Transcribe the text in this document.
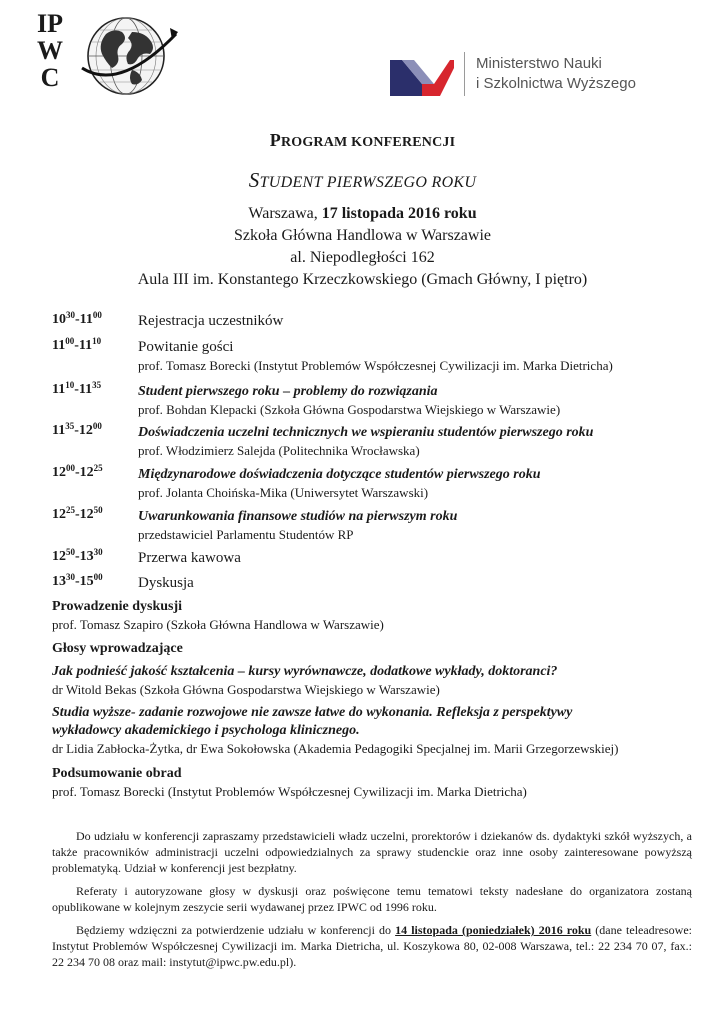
IP
W
C	Ministerstwo Nauki
i Szkolnictwa Wyższego
PROGRAM KONFERENCJI
STUDENT PIERWSZEGO ROKU
Warszawa, 17 listopada 2016 roku
Szkoła Główna Handlowa w Warszawie
al. Niepodległości 162
Aula III im. Konstantego Krzeczkowskiego (Gmach Główny, I piętro)
$10^{30}-11^{00}$ Rejestracja uczestników
$11^{00}-11^{10}$ Powitanie gości
prof. Tomasz Borecki (Instytut Problemów Współczesnej Cywilizacji im. Marka Dietricha)
$11^{10}-11^{35}$	Student pierwszego roku – problemy do rozwiązania
prof. Bohdan Klepacki (Szkoła Główna Gospodarstwa Wiejskiego w Warszawie)
$11^{35}-12^{00}$	Doświadczenia uczelni technicznych we wspieraniu studentów pierwszego roku
prof. Włodzimierz Salejda (Politechnika Wrocławska)
$12^{00}-12^{25}$	Międzynarodowe doświadczenia dotyczące studentów pierwszego roku
prof. Jolanta Choińska-Mika (Uniwersytet Warszawski)
$12^{25}-12^{50}$	Uwarunkowania finansowe studiów na pierwszym roku
przedstawiciel Parlamentu Studentów RP
$12^{50}-13^{30}$ Przerwa kawowa
$13^{30}-15^{00}$ Dyskusja
Prowadzenie dyskusji
prof. Tomasz Szapiro (Szkoła Główna Handlowa w Warszawie)
Głosy wprowadzające
Jak podnieść jakość kształcenia – kursy wyrównawcze, dodatkowe wykłady, doktoranci?
dr Witold Bekas (Szkoła Główna Gospodarstwa Wiejskiego w Warszawie)
Studia wyższe- zadanie rozwojowe nie zawsze łatwe do wykonania. Refleksja z perspektywy
wykładowcy akademickiego i psychologa klinicznego.
dr Lidia Zabłocka-Żytka, dr Ewa Sokołowska (Akademia Pedagogiki Specjalnej im. Marii Grzegorzewskiej)
Podsumowanie obrad
prof. Tomasz Borecki (Instytut Problemów Współczesnej Cywilizacji im. Marka Dietricha)

Do udziału w konferencji zapraszamy przedstawicieli władz uczelni, prorektorów i dziekanów ds. dydaktyki szkół wyższych, a także pracowników administracji uczelni odpowiedzialnych za sprawy studenckie oraz inne osoby zainteresowane powyższą problematyką. Udział w konferencji jest bezpłatny.

Referaty i autoryzowane głosy w dyskusji oraz poświęcone temu tematowi teksty nadesłane do organizatora zostaną opublikowane w kolejnym zeszycie serii wydawanej przez IPWC od 1996 roku.

Będziemy wdzięczni za potwierdzenie udziału w konferencji do 14 listopada (poniedziałek) 2016 roku (dane teleadresowe: Instytut Problemów Współczesnej Cywilizacji im. Marka Dietricha, ul. Koszykowa 80, 02-008 Warszawa, tel.: 22 234 70 07, fax.: 22 234 70 08 oraz mail: instytut@ipwc.pw.edu.pl).
